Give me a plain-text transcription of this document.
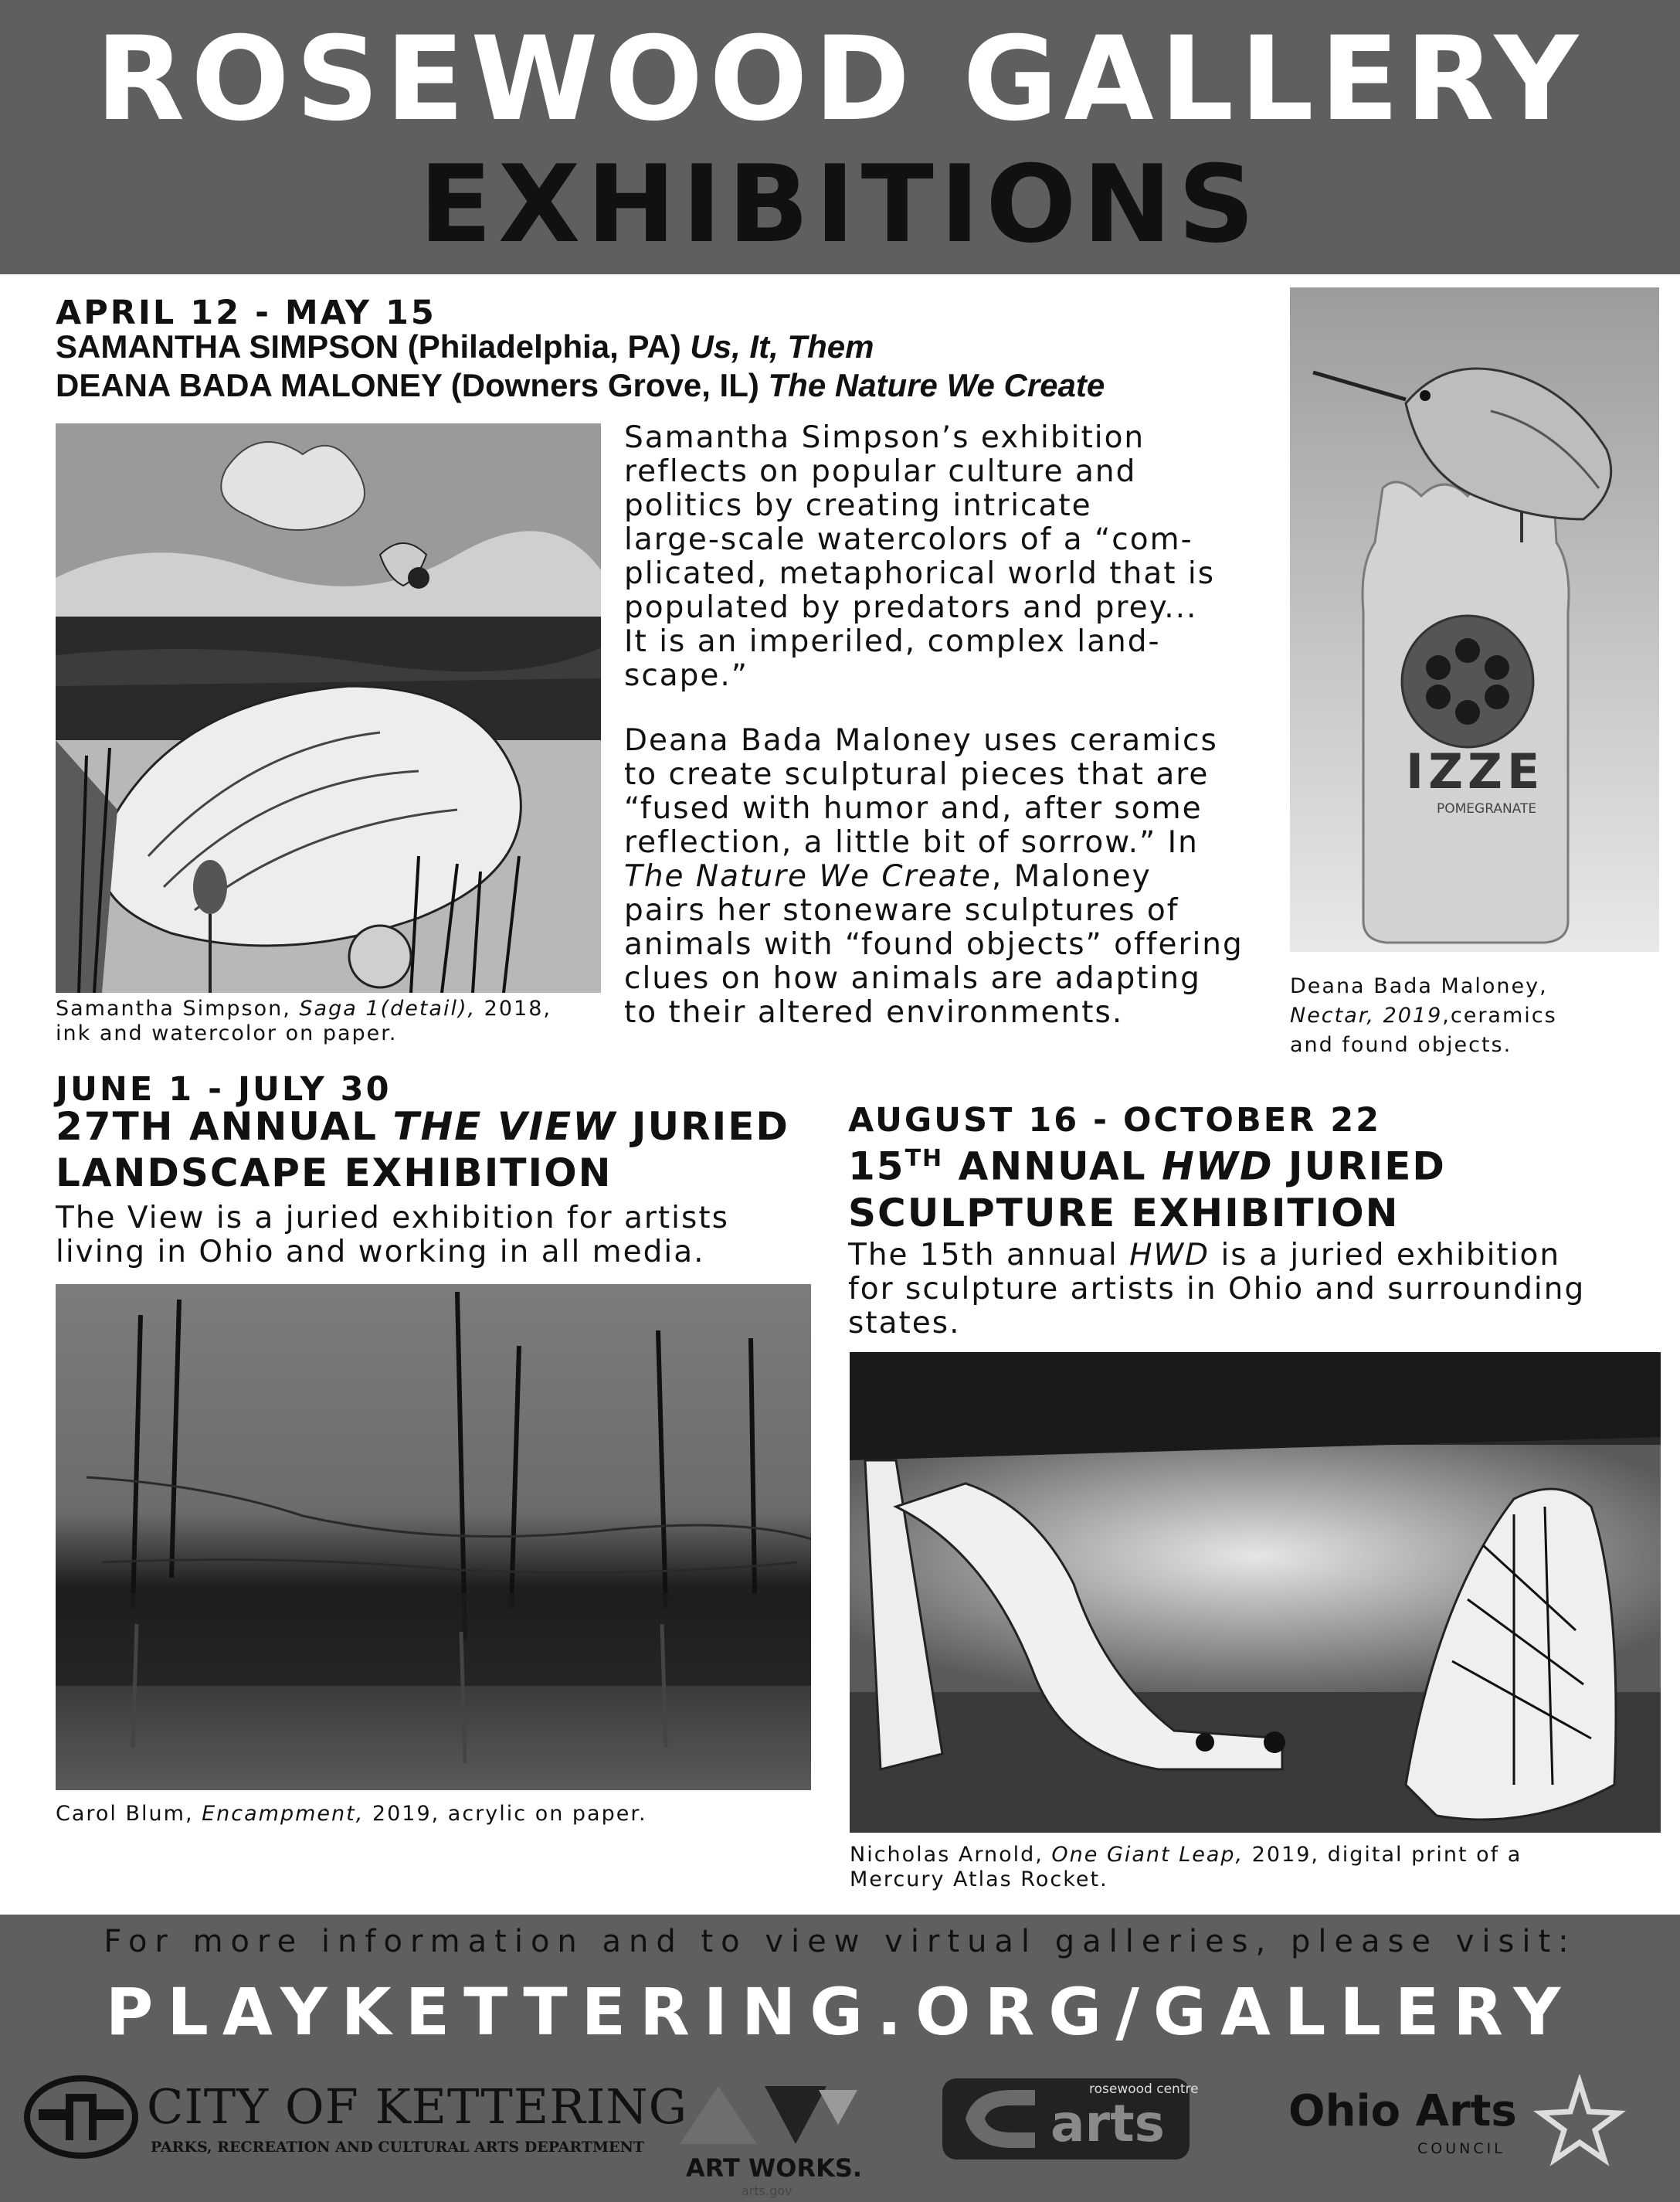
ROSEWOOD GALLERY
EXHIBITIONS
APRIL 12 - MAY 15
SAMANTHA SIMPSON (Philadelphia, PA) Us, It, Them
DEANA BADA MALONEY (Downers Grove, IL) The Nature We Create
Samantha Simpson’s exhibition
reflects on popular culture and
politics by creating intricate
large-scale watercolors of a “com-
plicated, metaphorical world that is
populated by predators and prey...
It is an imperiled, complex land-
scape.”
Deana Bada Maloney uses ceramics
to create sculptural pieces that are
“fused with humor and, after some
reflection, a little bit of sorrow.” In
The Nature We Create, Maloney
pairs her stoneware sculptures of
animals with “found objects” offering
clues on how animals are adapting
to their altered environments.
IZZE
POMEGRANATE
Samantha Simpson, Saga 1(detail), 2018,
ink and watercolor on paper.
Deana Bada Maloney,
Nectar, 2019,ceramics
and found objects.
JUNE 1 - JULY 30
27TH ANNUAL THE VIEW JURIED
LANDSCAPE EXHIBITION
The View is a juried exhibition for artists
living in Ohio and working in all media.
Carol Blum, Encampment, 2019, acrylic on paper.
AUGUST 16 - OCTOBER 22
15TH ANNUAL HWD JURIED
SCULPTURE EXHIBITION
The 15th annual HWD is a juried exhibition
for sculpture artists in Ohio and surrounding
states.
Nicholas Arnold, One Giant Leap, 2019, digital print of a
Mercury Atlas Rocket.
For more information and to view virtual galleries, please visit:
PLAYKETTERING.ORG/GALLERY
CITY OF KETTERING
PARKS, RECREATION AND CULTURAL ARTS DEPARTMENT
ART WORKS.
arts.gov
rosewood centre
arts	Ohio Arts
COUNCIL
